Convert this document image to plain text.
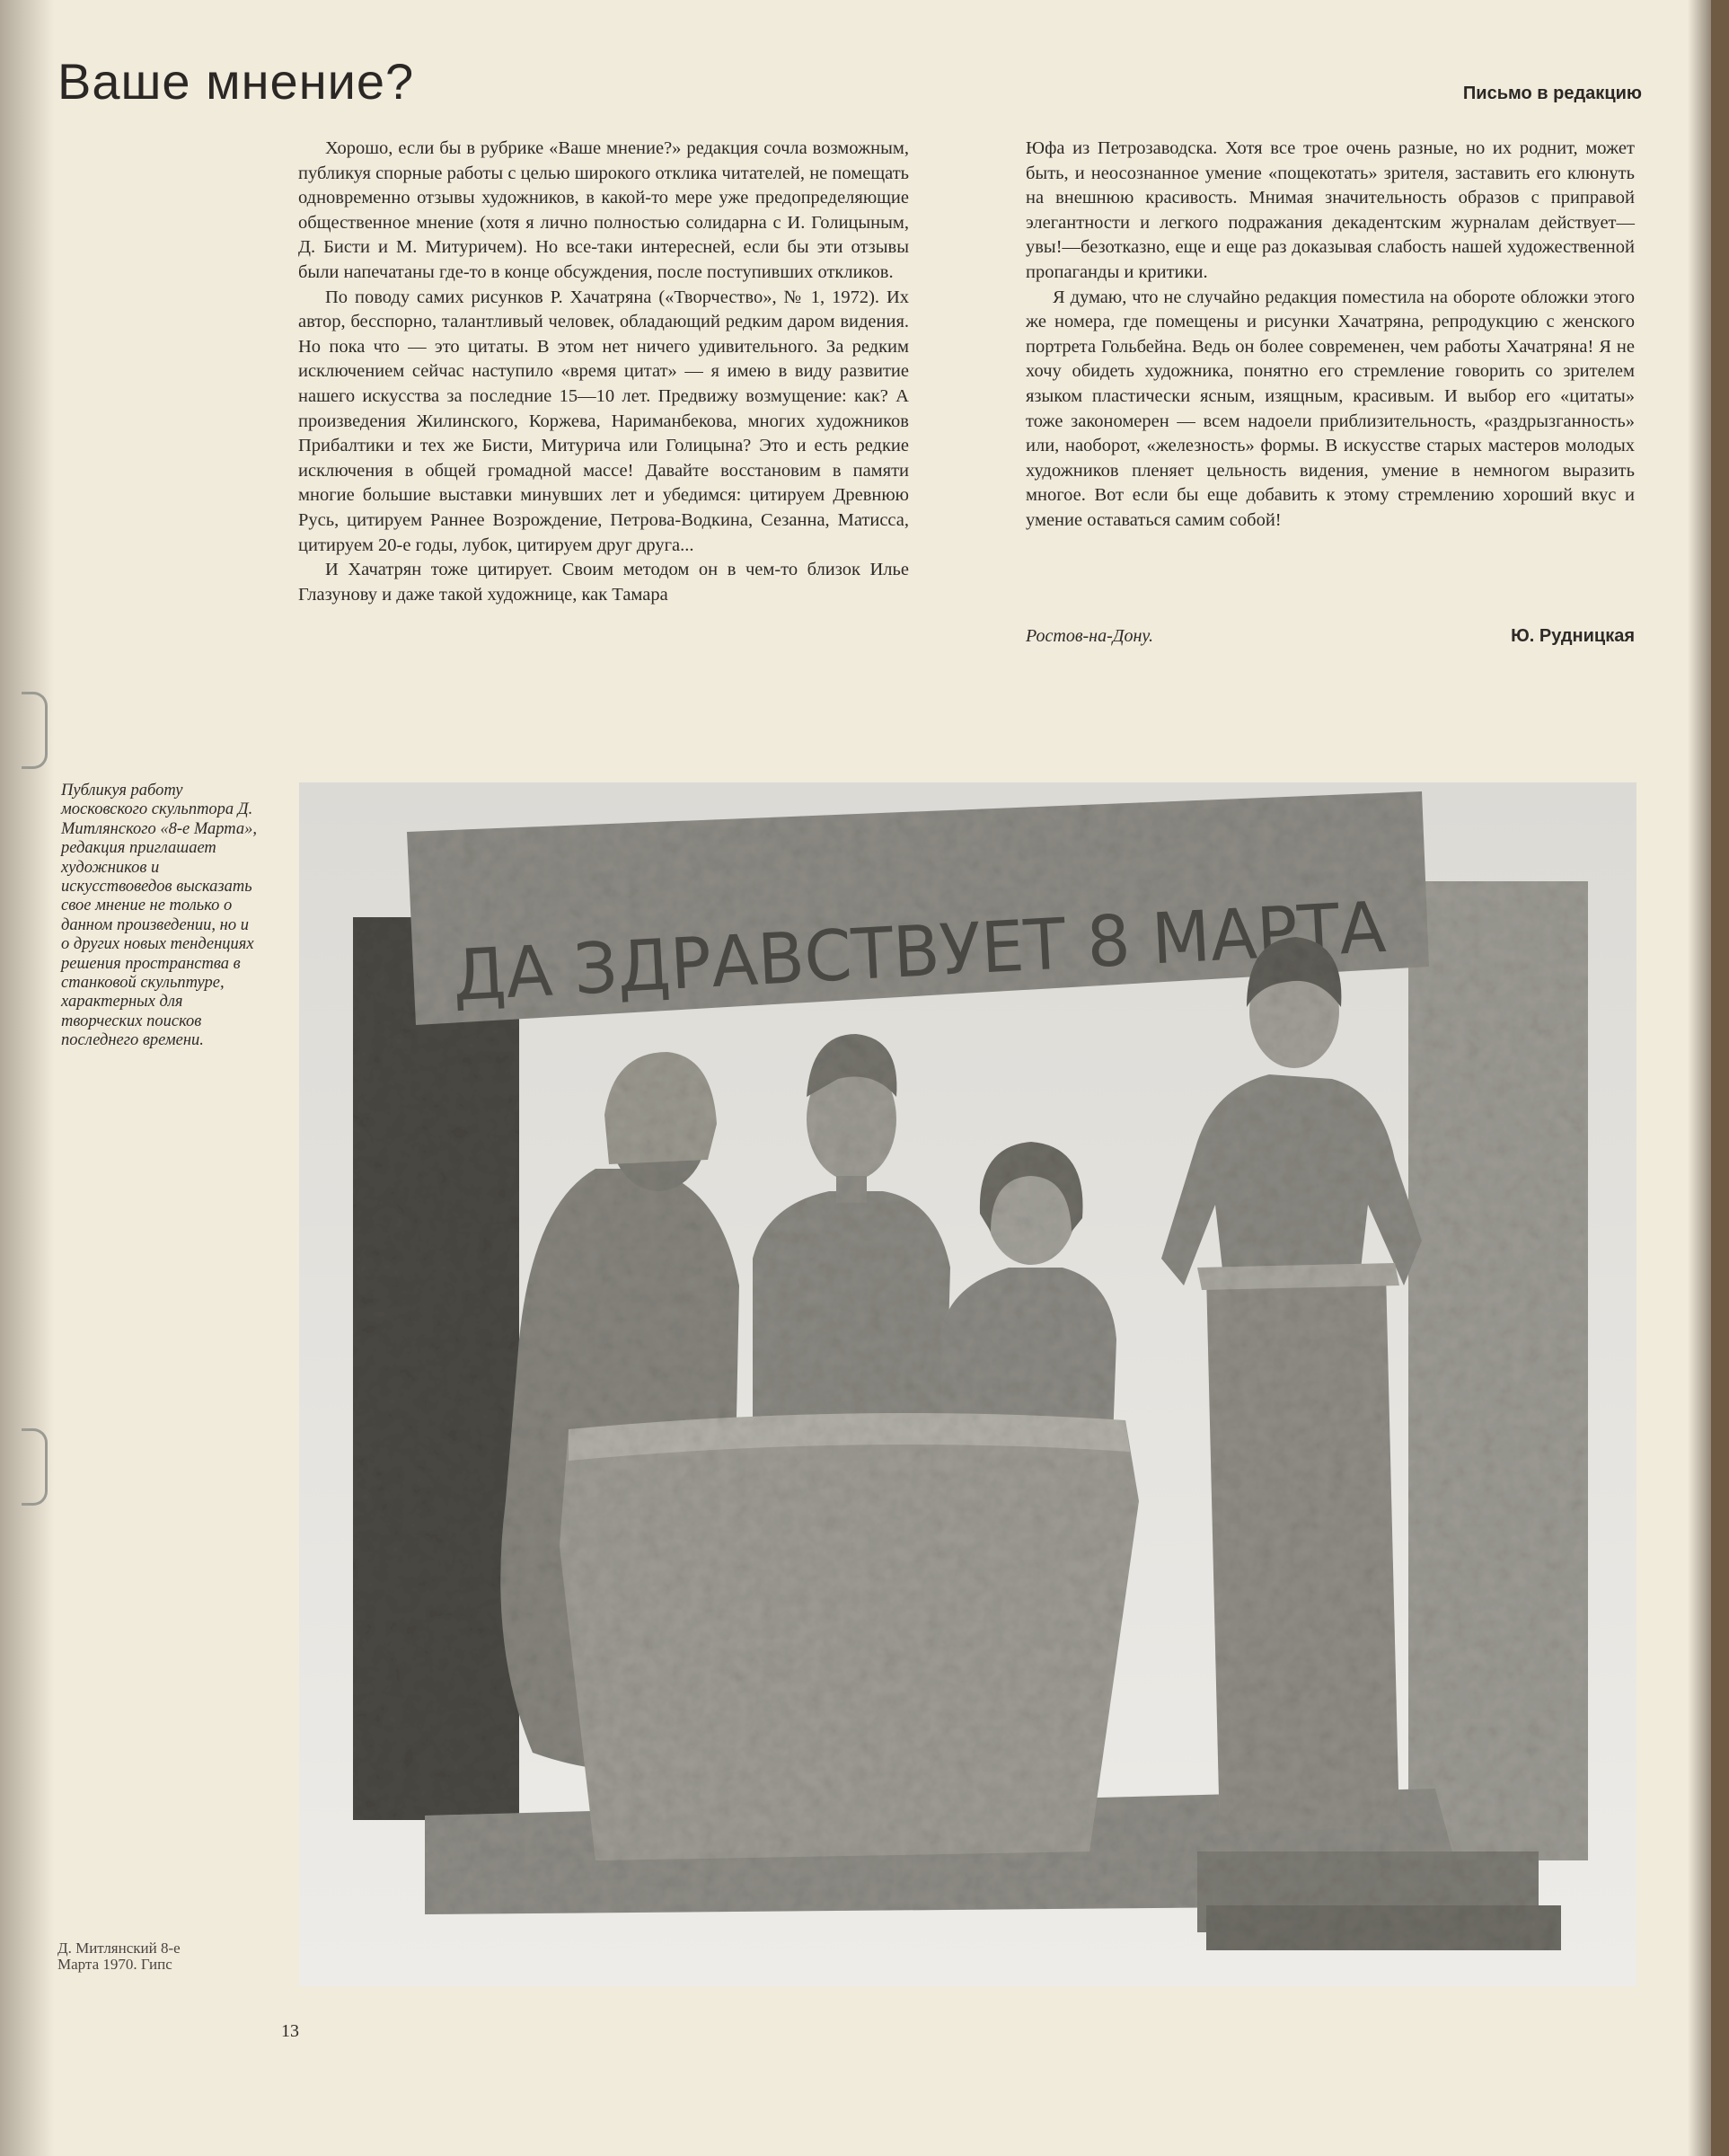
Ваше мнение?	Письмо в редакцию

Хорошо, если бы в рубрике «Ваше мнение?» редакция сочла возможным, публикуя спорные работы с целью широкого отклика читателей, не помещать одновременно отзывы художников, в какой-то мере уже предопределяющие общественное мнение (хотя я лично полностью солидарна с И. Голицыным, Д. Бисти и М. Митуричем). Но все-таки интересней, если бы эти отзывы были напечатаны где-то в конце обсуждения, после поступивших откликов.

По поводу самих рисунков Р. Хачатряна («Творчество», № 1, 1972). Их автор, бесспорно, талантливый человек, обладающий редким даром видения. Но пока что — это цитаты. В этом нет ничего удивительного. За редким исключением сейчас наступило «время цитат» — я имею в виду развитие нашего искусства за последние 15—10 лет. Предвижу возмущение: как? А произведения Жилинского, Коржева, Нариманбекова, многих художников Прибалтики и тех же Бисти, Митурича или Голицына? Это и есть редкие исключения в общей громадной массе! Давайте восстановим в памяти многие большие выставки минувших лет и убедимся: цитируем Древнюю Русь, цитируем Раннее Возрождение, Петрова-Водкина, Сезанна, Матисса, цитируем 20-е годы, лубок, цитируем друг друга...

И Хачатрян тоже цитирует. Своим методом он в чем-то близок Илье Глазунову и даже такой художнице, как Тамара

Юфа из Петрозаводска. Хотя все трое очень разные, но их роднит, может быть, и неосознанное умение «пощекотать» зрителя, заставить его клюнуть на внешнюю красивость. Мнимая значительность образов с приправой элегантности и легкого подражания декадентским журналам действует—увы!—безотказно, еще и еще раз доказывая слабость нашей художественной пропаганды и критики.

Я думаю, что не случайно редакция поместила на обороте обложки этого же номера, где помещены и рисунки Хачатряна, репродукцию с женского портрета Гольбейна. Ведь он более современен, чем работы Хачатряна! Я не хочу обидеть художника, понятно его стремление говорить со зрителем языком пластически ясным, изящным, красивым. И выбор его «цитаты» тоже закономерен — всем надоели приблизительность, «раздрызганность» или, наоборот, «железность» формы. В искусстве старых мастеров молодых художников пленяет цельность видения, умение в немногом выразить многое. Вот если бы еще добавить к этому стремлению хороший вкус и умение оставаться самим собой!

Ростов-на-Дону.	Ю. Рудницкая
Публикуя работу московского скульптора Д. Митлянского «8-е Марта», редакция приглашает художников и искусствоведов высказать свое мнение не только о данном произведении, но и о других новых тенденциях решения пространства в станковой скульптуре, характерных для творческих поисков последнего времени.
ДА ЗДРАВСТВУЕТ 8 МАРТА
Д. Митлянский 8-е Марта 1970. Гипс
13
